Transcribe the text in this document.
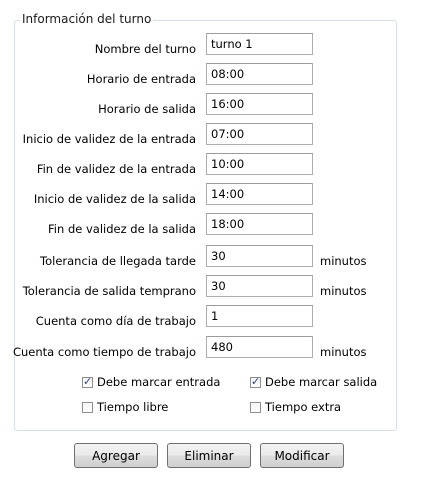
Información del turno
Nombre del turno
turno 1
Horario de entrada
08:00
Horario de salida
16:00
Inicio de validez de la entrada
07:00
Fin de validez de la entrada
10:00
Inicio de validez de la salida
14:00
Fin de validez de la salida
18:00
Tolerancia de llegada tarde
30	minutos
Tolerancia de salida temprano
30	minutos
Cuenta como día de trabajo
1
Cuenta como tiempo de trabajo
480	minutos
✓
Debe marcar entrada
✓	Debe marcar salida
Tiempo libre	Tiempo extra
Agregar	Eliminar	Modificar
